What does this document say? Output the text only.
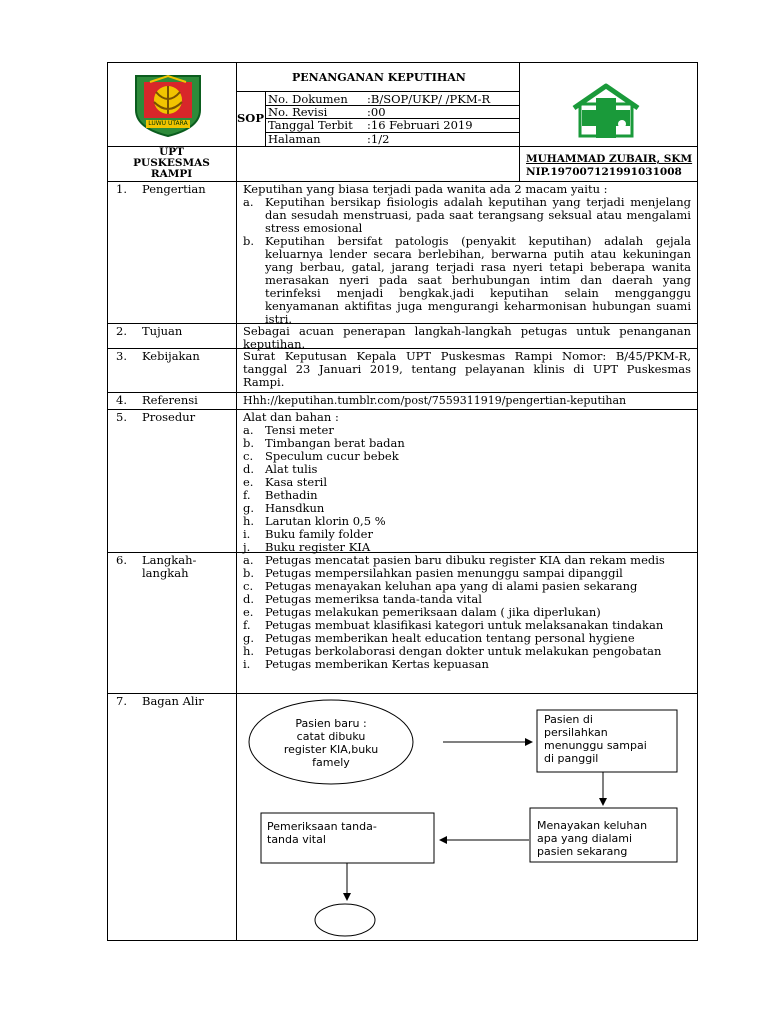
LUWU UTARA
PENANGANAN KEPUTIHAN
SOP
No. Dokumen :B/SOP/UKP/ /PKM-R
No. Revisi	:00
Tanggal Terbit :16 Februari 2019
Halaman	:1/2
UPT
PUSKESMAS
RAMPI
MUHAMMAD ZUBAIR, SKM
NIP.197007121991031008
1. Pengertian	Keputihan yang biasa terjadi pada wanita ada 2 macam yaitu :
a. Keputihan bersikap fisiologis adalah keputihan yang terjadi menjelang dan sesudah menstruasi, pada saat terangsang seksual atau mengalami stress emosional
b. Keputihan bersifat patologis (penyakit keputihan) adalah gejala keluarnya lender secara berlebihan, berwarna putih atau kekuningan yang berbau, gatal, jarang terjadi rasa nyeri tetapi beberapa wanita merasakan nyeri pada saat berhubungan intim dan daerah yang terinfeksi menjadi bengkak.jadi keputihan selain mengganggu kenyamanan aktifitas juga mengurangi keharmonisan hubungan suami istri.
2. Tujuan	Sebagai acuan penerapan langkah-langkah petugas untuk penanganan keputihan.
3. Kebijakan	Surat Keputusan Kepala UPT Puskesmas Rampi Nomor: B/45/PKM-R, tanggal 23 Januari 2019, tentang pelayanan klinis di UPT Puskesmas Rampi.
4. Referensi	Hhh://keputihan.tumblr.com/post/7559311919/pengertian-keputihan
5. Prosedur	Alat dan bahan :
a. Tensi meter
b. Timbangan berat badan
c.	Speculum cucur bebek
d. Alat tulis
e.	Kasa steril
f.	Bethadin
g. Hansdkun
h. Larutan klorin 0,5 %
i.	Buku family folder
j.	Buku register KIA
6. Langkah-
langkah
a. Petugas mencatat pasien baru dibuku register KIA dan rekam medis
b. Petugas mempersilahkan pasien menunggu sampai dipanggil
c.	Petugas menayakan keluhan apa yang di alami pasien sekarang
d. Petugas memeriksa tanda-tanda vital
e.	Petugas melakukan pemeriksaan dalam ( jika diperlukan)
f.	Petugas membuat klasifikasi kategori untuk melaksanakan tindakan
g. Petugas memberikan healt education tentang personal hygiene
h. Petugas berkolaborasi dengan dokter untuk melakukan pengobatan
i.	Petugas memberikan Kertas kepuasan
7. Bagan Alir
Pasien baru :
catat dibuku
register KIA,buku
famely
Pasien di
persilahkan
menunggu sampai
di panggil
Menayakan keluhan
apa yang dialami
pasien sekarang
Pemeriksaan tanda-
tanda vital
